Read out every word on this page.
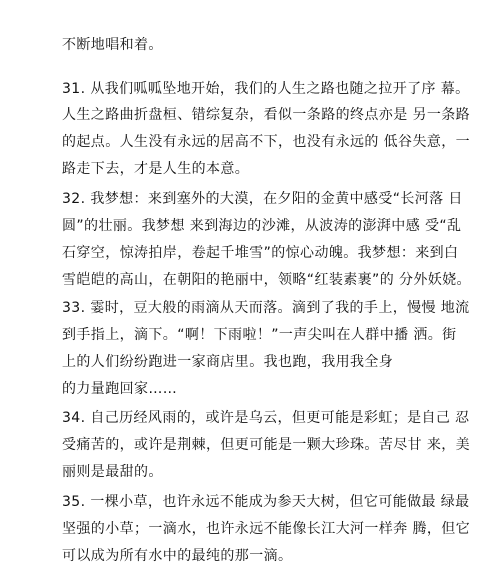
不断地唱和着。
31. 从我们呱呱坠地开始，我们的人生之路也随之拉开了序 幕。
人生之路曲折盘桓、错综复杂，看似一条路的终点亦是 另一条路
的起点。人生没有永远的居高不下，也没有永远的 低谷失意，一
路走下去，才是人生的本意。
32. 我梦想：来到塞外的大漠，在夕阳的金黄中感受“长河落 日
圆”的壮丽。我梦想 来到海边的沙滩，从波涛的澎湃中感 受“乱
石穿空，惊涛拍岸，卷起千堆雪”的惊心动魄。我梦想：来到白
雪皑皑的高山，在朝阳的艳丽中，领略“红装素裹”的 分外妖娆。
33. 霎时，豆大般的雨滴从天而落。滴到了我的手上，慢慢 地流
到手指上，滴下。“啊！下雨啦！”一声尖叫在人群中播 洒。街
上的人们纷纷跑进一家商店里。我也跑，我用我全身
的力量跑回家……
34. 自己历经风雨的，或许是乌云，但更可能是彩虹；是自己 忍
受痛苦的，或许是荆棘，但更可能是一颗大珍珠。苦尽甘 来，美
丽则是最甜的。
35. 一棵小草，也许永远不能成为参天大树，但它可能做最 绿最
坚强的小草；一滴水，也许永远不能像长江大河一样奔 腾，但它
可以成为所有水中的最纯的那一滴。
